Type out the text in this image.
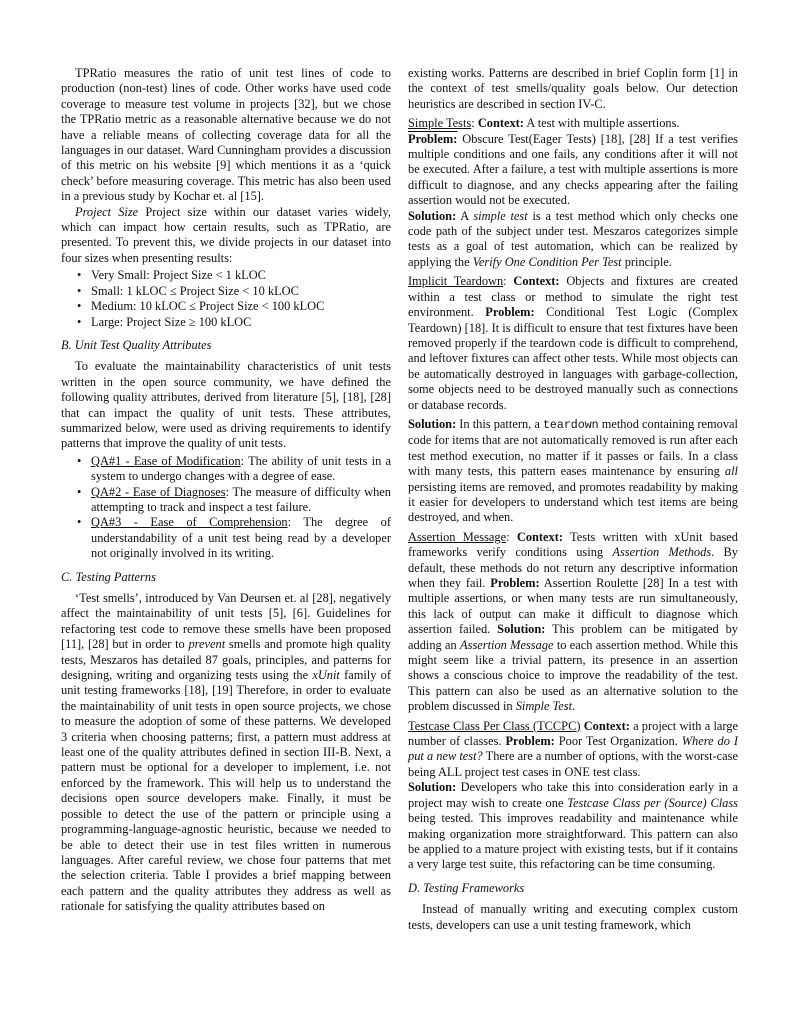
TPRatio measures the ratio of unit test lines of code to production (non-test) lines of code. Other works have used code coverage to measure test volume in projects [32], but we chose the TPRatio metric as a reasonable alternative because we do not have a reliable means of collecting coverage data for all the languages in our dataset. Ward Cunningham provides a discussion of this metric on his website [9] which mentions it as a ‘quick check’ before measuring coverage. This metric has also been used in a previous study by Kochar et. al [15].

Project Size Project size within our dataset varies widely, which can impact how certain results, such as TPRatio, are presented. To prevent this, we divide projects in our dataset into four sizes when presenting results:

• Very Small: Project Size < 1 kLOC
• Small: 1 kLOC ≤ Project Size < 10 kLOC
• Medium: 10 kLOC ≤ Project Size < 100 kLOC
• Large: Project Size ≥ 100 kLOC
B. Unit Test Quality Attributes

To evaluate the maintainability characteristics of unit tests written in the open source community, we have defined the following quality attributes, derived from literature [5], [18], [28] that can impact the quality of unit tests. These attributes, summarized below, were used as driving requirements to identify patterns that improve the quality of unit tests.

• QA#1 - Ease of Modification: The ability of unit tests in a system to undergo changes with a degree of ease.
• QA#2 - Ease of Diagnoses: The measure of difficulty when attempting to track and inspect a test failure.
• QA#3 - Ease of Comprehension: The degree of understandability of a unit test being read by a developer not originally involved in its writing.
C. Testing Patterns

‘Test smells’, introduced by Van Deursen et. al [28], negatively affect the maintainability of unit tests [5], [6]. Guidelines for refactoring test code to remove these smells have been proposed [11], [28] but in order to prevent smells and promote high quality tests, Meszaros has detailed 87 goals, principles, and patterns for designing, writing and organizing tests using the xUnit family of unit testing frameworks [18], [19] Therefore, in order to evaluate the maintainability of unit tests in open source projects, we chose to measure the adoption of some of these patterns. We developed 3 criteria when choosing patterns; first, a pattern must address at least one of the quality attributes defined in section III-B. Next, a pattern must be optional for a developer to implement, i.e. not enforced by the framework. This will help us to understand the decisions open source developers make. Finally, it must be possible to detect the use of the pattern or principle using a programming-language-agnostic heuristic, because we needed to be able to detect their use in test files written in numerous languages. After careful review, we chose four patterns that met the selection criteria. Table I provides a brief mapping between each pattern and the quality attributes they address as well as rationale for satisfying the quality attributes based on

existing works. Patterns are described in brief Coplin form [1] in the context of test smells/quality goals below. Our detection heuristics are described in section IV-C.

Simple Tests: Context: A test with multiple assertions.

Problem: Obscure Test(Eager Tests) [18], [28] If a test verifies multiple conditions and one fails, any conditions after it will not be executed. After a failure, a test with multiple assertions is more difficult to diagnose, and any checks appearing after the failing assertion would not be executed.

Solution: A simple test is a test method which only checks one code path of the subject under test. Meszaros categorizes simple tests as a goal of test automation, which can be realized by applying the Verify One Condition Per Test principle.

Implicit Teardown: Context: Objects and fixtures are created within a test class or method to simulate the right test environment. Problem: Conditional Test Logic (Complex Teardown) [18]. It is difficult to ensure that test fixtures have been removed properly if the teardown code is difficult to comprehend, and leftover fixtures can affect other tests. While most objects can be automatically destroyed in languages with garbage-collection, some objects need to be destroyed manually such as connections or database records.

Solution: In this pattern, a teardown method containing removal code for items that are not automatically removed is run after each test method execution, no matter if it passes or fails. In a class with many tests, this pattern eases maintenance by ensuring all persisting items are removed, and promotes readability by making it easier for developers to understand which test items are being destroyed, and when.

Assertion Message: Context: Tests written with xUnit based frameworks verify conditions using Assertion Methods. By default, these methods do not return any descriptive information when they fail. Problem: Assertion Roulette [28] In a test with multiple assertions, or when many tests are run simultaneously, this lack of output can make it difficult to diagnose which assertion failed. Solution: This problem can be mitigated by adding an Assertion Message to each assertion method. While this might seem like a trivial pattern, its presence in an assertion shows a conscious choice to improve the readability of the test. This pattern can also be used as an alternative solution to the problem discussed in Simple Test.

Testcase Class Per Class (TCCPC) Context: a project with a large number of classes. Problem: Poor Test Organization. Where do I put a new test? There are a number of options, with the worst-case being ALL project test cases in ONE test class.

Solution: Developers who take this into consideration early in a project may wish to create one Testcase Class per (Source) Class being tested. This improves readability and maintenance while making organization more straightforward. This pattern can also be applied to a mature project with existing tests, but if it contains a very large test suite, this refactoring can be time consuming.

D. Testing Frameworks

Instead of manually writing and executing complex custom tests, developers can use a unit testing framework, which
